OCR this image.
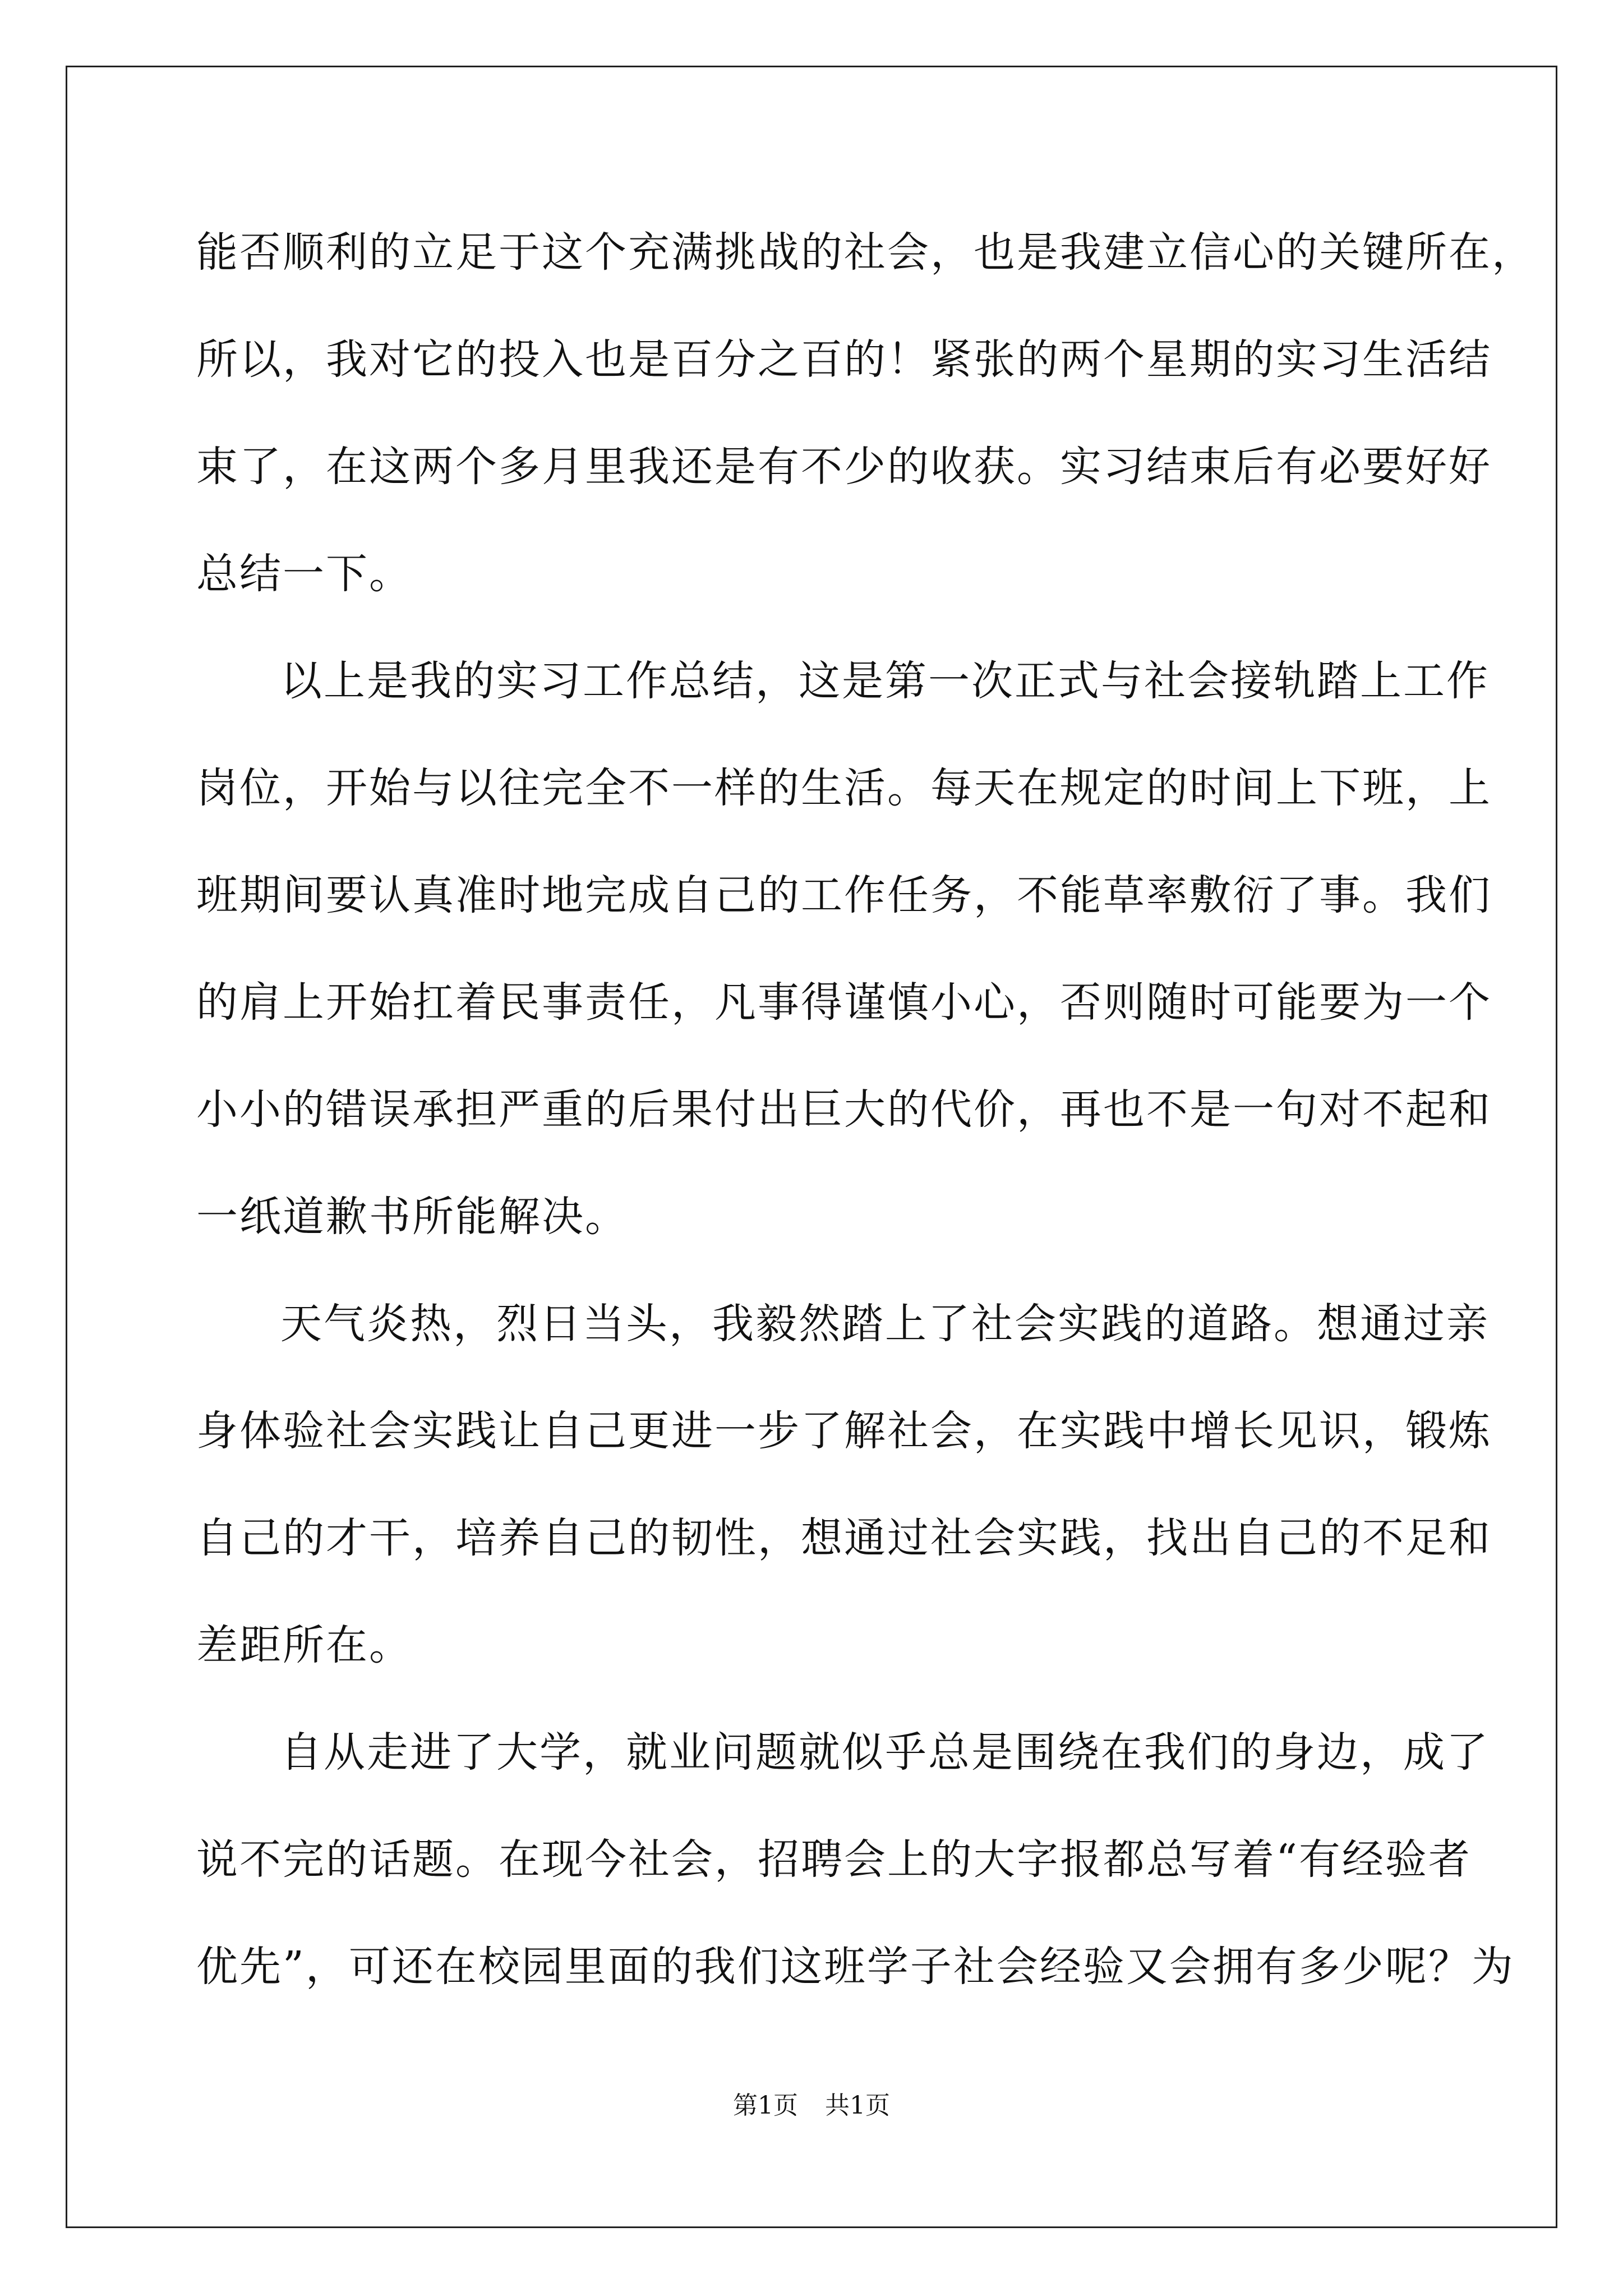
能否顺利的立足于这个充满挑战的社会，也是我建立信心的关键所在，
所以，我对它的投入也是百分之百的！紧张的两个星期的实习生活结
束了，在这两个多月里我还是有不少的收获。实习结束后有必要好好
总结一下。
以上是我的实习工作总结，这是第一次正式与社会接轨踏上工作
岗位，开始与以往完全不一样的生活。每天在规定的时间上下班，上
班期间要认真准时地完成自己的工作任务，不能草率敷衍了事。我们
的肩上开始扛着民事责任，凡事得谨慎小心，否则随时可能要为一个
小小的错误承担严重的后果付出巨大的代价，再也不是一句对不起和
一纸道歉书所能解决。
天气炎热，烈日当头，我毅然踏上了社会实践的道路。想通过亲
身体验社会实践让自己更进一步了解社会，在实践中增长见识，锻炼
自己的才干，培养自己的韧性，想通过社会实践，找出自己的不足和
差距所在。
自从走进了大学，就业问题就似乎总是围绕在我们的身边，成了
说不完的话题。在现今社会，招聘会上的大字报都总写着“有经验者
优先”，可还在校园里面的我们这班学子社会经验又会拥有多少呢？为
第1页 共1页
